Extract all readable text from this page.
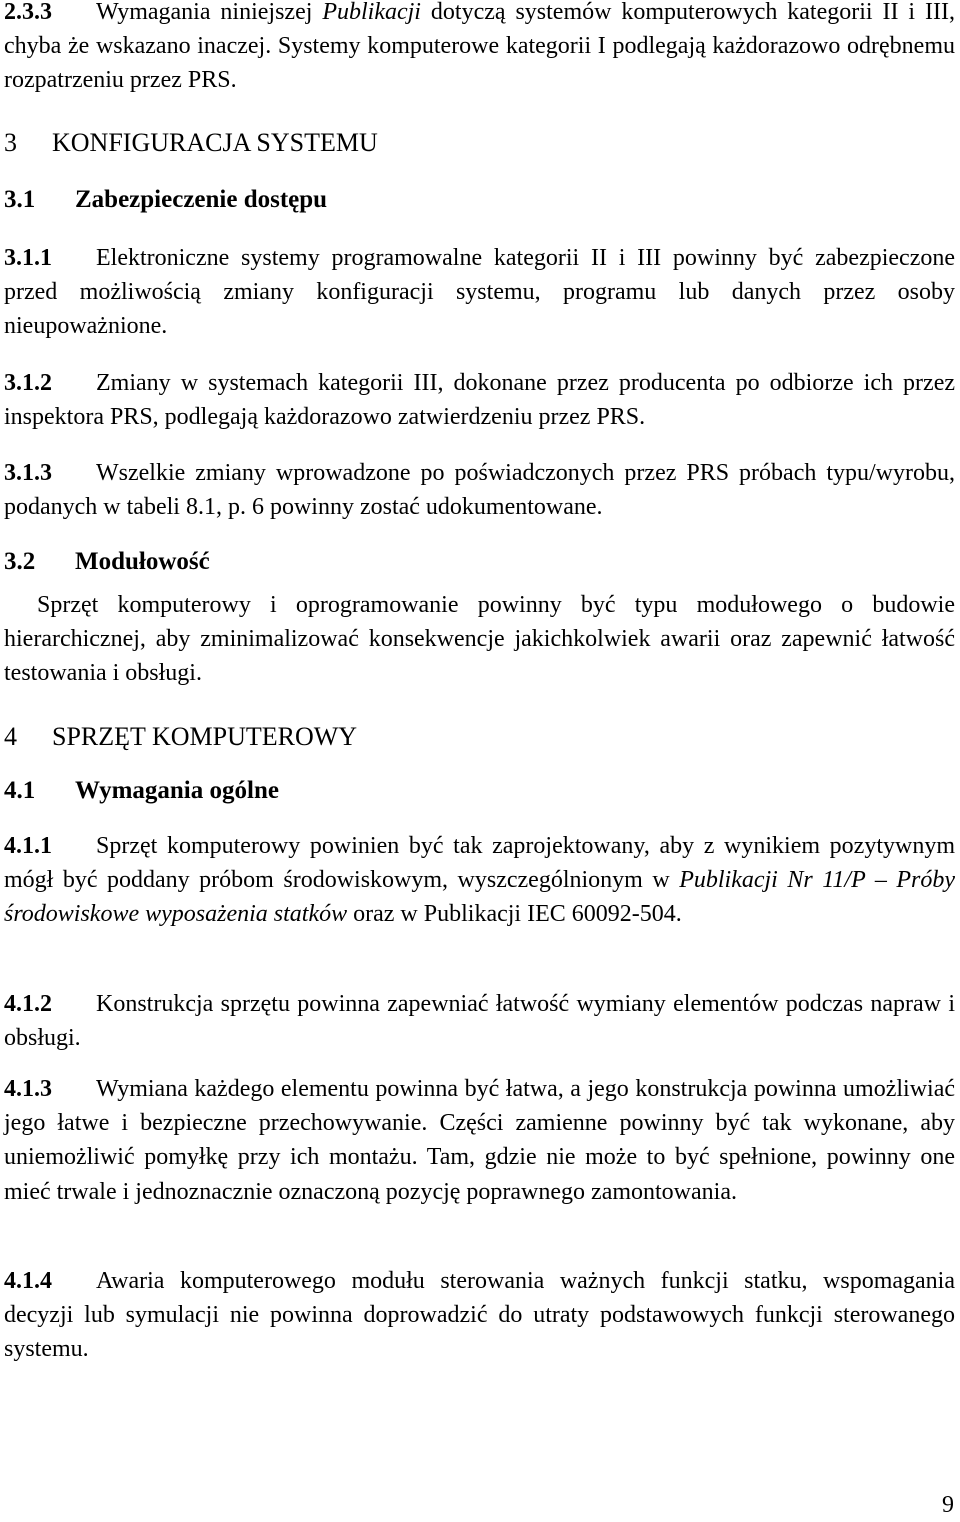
2.3.3 Wymagania niniejszej Publikacji dotyczą systemów komputerowych kategorii II i III, chyba że wskazano inaczej. Systemy komputerowe kategorii I podlegają każdorazowo odrębnemu rozpatrzeniu przez PRS.
3 KONFIGURACJA SYSTEMU
3.1 Zabezpieczenie dostępu
3.1.1 Elektroniczne systemy programowalne kategorii II i III powinny być zabezpieczone przed możliwością zmiany konfiguracji systemu, programu lub danych przez osoby nieupoważnione.
3.1.2 Zmiany w systemach kategorii III, dokonane przez producenta po odbiorze ich przez inspektora PRS, podlegają każdorazowo zatwierdzeniu przez PRS.
3.1.3 Wszelkie zmiany wprowadzone po poświadczonych przez PRS próbach typu/wyrobu, podanych w tabeli 8.1, p. 6 powinny zostać udokumentowane.
3.2 Modułowość
Sprzęt komputerowy i oprogramowanie powinny być typu modułowego o budowie hierarchicznej, aby zminimalizować konsekwencje jakichkolwiek awarii oraz zapewnić łatwość testowania i obsługi.
4 SPRZĘT KOMPUTEROWY
4.1 Wymagania ogólne
4.1.1 Sprzęt komputerowy powinien być tak zaprojektowany, aby z wynikiem pozytywnym mógł być poddany próbom środowiskowym, wyszczególnionym w Publikacji Nr 11/P – Próby środowiskowe wyposażenia statków oraz w Publikacji IEC 60092-504.
4.1.2 Konstrukcja sprzętu powinna zapewniać łatwość wymiany elementów podczas napraw i obsługi.
4.1.3 Wymiana każdego elementu powinna być łatwa, a jego konstrukcja powinna umożliwiać jego łatwe i bezpieczne przechowywanie. Części zamienne powinny być tak wykonane, aby uniemożliwić pomyłkę przy ich montażu. Tam, gdzie nie może to być spełnione, powinny one mieć trwale i jednoznacznie oznaczoną pozycję poprawnego zamontowania.
4.1.4 Awaria komputerowego modułu sterowania ważnych funkcji statku, wspomagania decyzji lub symulacji nie powinna doprowadzić do utraty podstawowych funkcji sterowanego systemu.
9
